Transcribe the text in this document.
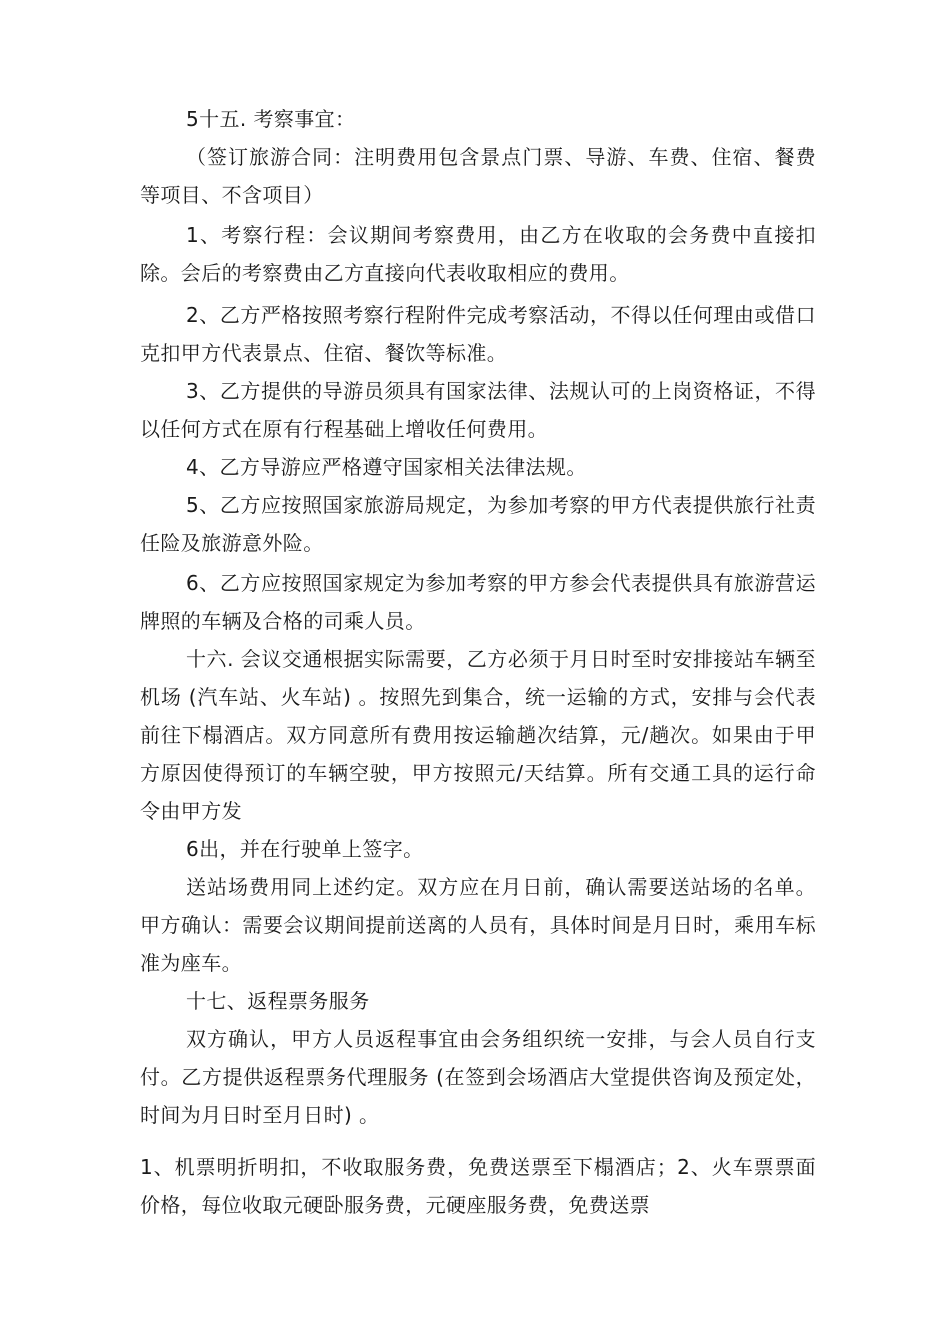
5十五. 考察事宜：

（签订旅游合同：注明费用包含景点门票、导游、车费、住宿、餐费等项目、不含项目）

1、考察行程：会议期间考察费用，由乙方在收取的会务费中直接扣除。会后的考察费由乙方直接向代表收取相应的费用。

2、乙方严格按照考察行程附件完成考察活动，不得以任何理由或借口克扣甲方代表景点、住宿、餐饮等标准。

3、乙方提供的导游员须具有国家法律、法规认可的上岗资格证，不得以任何方式在原有行程基础上增收任何费用。

4、乙方导游应严格遵守国家相关法律法规。

5、乙方应按照国家旅游局规定，为参加考察的甲方代表提供旅行社责任险及旅游意外险。

6、乙方应按照国家规定为参加考察的甲方参会代表提供具有旅游营运牌照的车辆及合格的司乘人员。

十六. 会议交通根据实际需要，乙方必须于月日时至时安排接站车辆至机场 (汽车站、火车站) 。按照先到集合，统一运输的方式，安排与会代表前往下榻酒店。双方同意所有费用按运输趟次结算，元/趟次。如果由于甲方原因使得预订的车辆空驶，甲方按照元/天结算。所有交通工具的运行命令由甲方发

6出，并在行驶单上签字。

送站场费用同上述约定。双方应在月日前，确认需要送站场的名单。甲方确认：需要会议期间提前送离的人员有，具体时间是月日时，乘用车标准为座车。

十七、返程票务服务

双方确认，甲方人员返程事宜由会务组织统一安排，与会人员自行支付。乙方提供返程票务代理服务 (在签到会场酒店大堂提供咨询及预定处，时间为月日时至月日时) 。

1、机票明折明扣，不收取服务费，免费送票至下榻酒店；2、火车票票面价格，每位收取元硬卧服务费，元硬座服务费，免费送票
